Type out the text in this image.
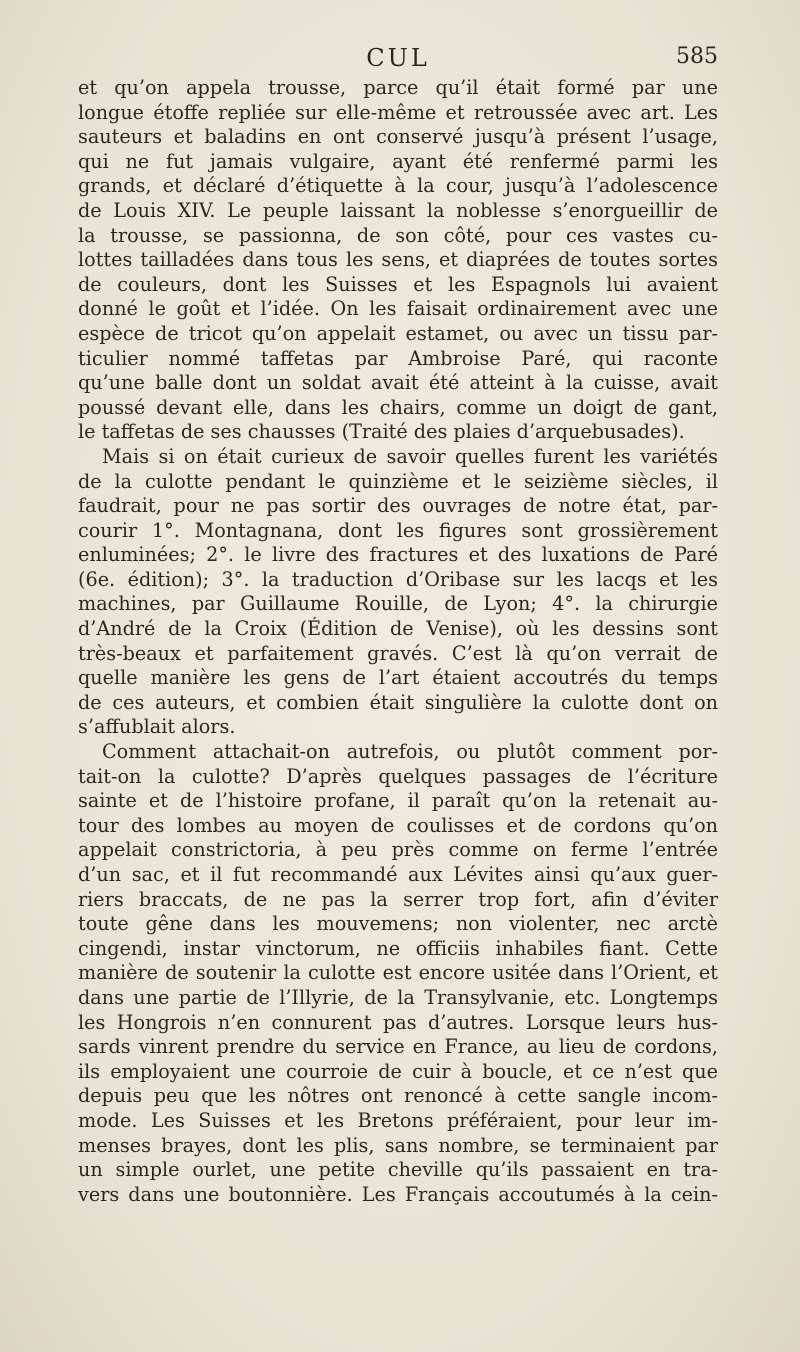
CUL	585
et qu’on appela trousse, parce qu’il était formé par une
longue étoffe repliée sur elle-même et retroussée avec art. Les
sauteurs et baladins en ont conservé jusqu’à présent l’usage,
qui ne fut jamais vulgaire, ayant été renfermé parmi les
grands, et déclaré d’étiquette à la cour, jusqu’à l’adolescence
de Louis XIV. Le peuple laissant la noblesse s’enorgueillir de
la trousse, se passionna, de son côté, pour ces vastes cu-
lottes tailladées dans tous les sens, et diaprées de toutes sortes
de couleurs, dont les Suisses et les Espagnols lui avaient
donné le goût et l’idée. On les faisait ordinairement avec une
espèce de tricot qu’on appelait estamet, ou avec un tissu par-
ticulier nommé taffetas par Ambroise Paré, qui raconte
qu’une balle dont un soldat avait été atteint à la cuisse, avait
poussé devant elle, dans les chairs, comme un doigt de gant,
le taffetas de ses chausses (Traité des plaies d’arquebusades).
Mais si on était curieux de savoir quelles furent les variétés
de la culotte pendant le quinzième et le seizième siècles, il
faudrait, pour ne pas sortir des ouvrages de notre état, par-
courir 1°. Montagnana, dont les figures sont grossièrement
enluminées; 2°. le livre des fractures et des luxations de Paré
(6e. édition); 3°. la traduction d’Oribase sur les lacqs et les
machines, par Guillaume Rouille, de Lyon; 4°. la chirurgie
d’André de la Croix (Édition de Venise), où les dessins sont
très-beaux et parfaitement gravés. C’est là qu’on verrait de
quelle manière les gens de l’art étaient accoutrés du temps
de ces auteurs, et combien était singulière la culotte dont on
s’affublait alors.
Comment attachait-on autrefois, ou plutôt comment por-
tait-on la culotte? D’après quelques passages de l’écriture
sainte et de l’histoire profane, il paraît qu’on la retenait au-
tour des lombes au moyen de coulisses et de cordons qu’on
appelait constrictoria, à peu près comme on ferme l’entrée
d’un sac, et il fut recommandé aux Lévites ainsi qu’aux guer-
riers braccats, de ne pas la serrer trop fort, afin d’éviter
toute gêne dans les mouvemens; non violenter, nec arctè
cingendi, instar vinctorum, ne officiis inhabiles fiant. Cette
manière de soutenir la culotte est encore usitée dans l’Orient, et
dans une partie de l’Illyrie, de la Transylvanie, etc. Longtemps
les Hongrois n’en connurent pas d’autres. Lorsque leurs hus-
sards vinrent prendre du service en France, au lieu de cordons,
ils employaient une courroie de cuir à boucle, et ce n’est que
depuis peu que les nôtres ont renoncé à cette sangle incom-
mode. Les Suisses et les Bretons préféraient, pour leur im-
menses brayes, dont les plis, sans nombre, se terminaient par
un simple ourlet, une petite cheville qu’ils passaient en tra-
vers dans une boutonnière. Les Français accoutumés à la cein-
